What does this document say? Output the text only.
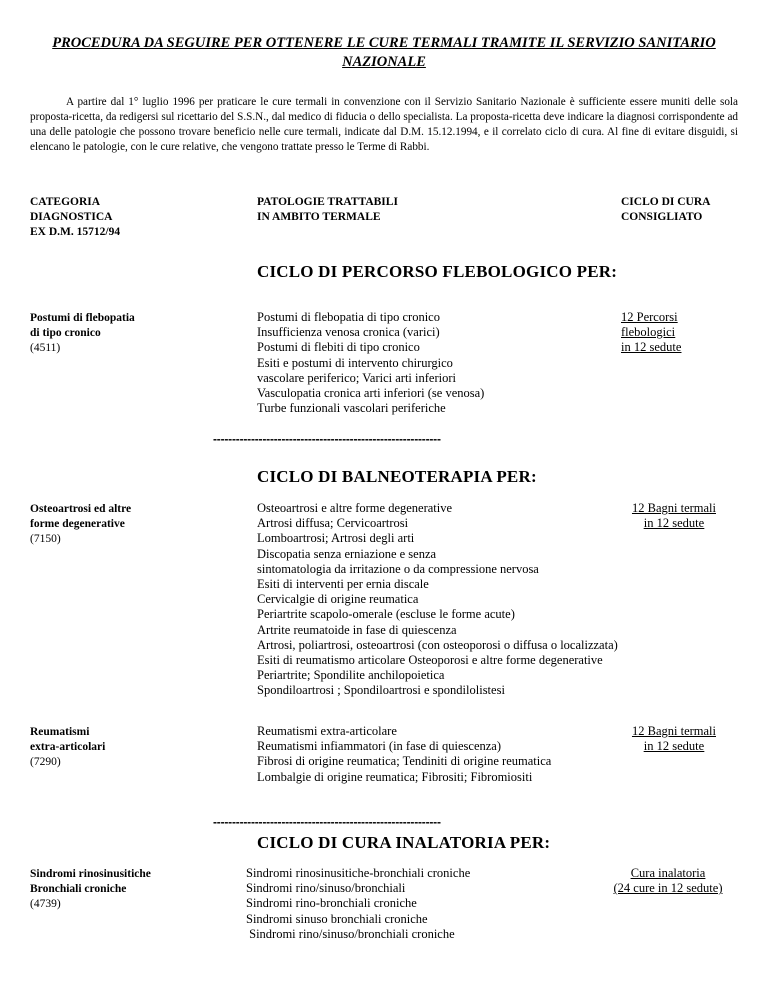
PROCEDURA DA SEGUIRE PER OTTENERE LE CURE TERMALI TRAMITE IL SERVIZIO SANITARIO NAZIONALE
A partire dal 1° luglio 1996 per praticare le cure termali in convenzione con il Servizio Sanitario Nazionale è sufficiente essere muniti delle sola proposta-ricetta, da redigersi sul ricettario del S.S.N., dal medico di fiducia o dello specialista. La proposta-ricetta deve indicare la diagnosi corrispondente ad una delle patologie che possono trovare beneficio nelle cure termali, indicate dal D.M. 15.12.1994, e il correlato ciclo di cura. Al fine di evitare disguidi, si elencano le patologie, con le cure relative, che vengono trattate presso le Terme di Rabbi.
CATEGORIA
DIAGNOSTICA
EX D.M. 15712/94
PATOLOGIE TRATTABILI
IN AMBITO TERMALE
CICLO DI CURA
CONSIGLIATO
CICLO DI PERCORSO FLEBOLOGICO PER:
Postumi di flebopatia
di tipo cronico
(4511)
Postumi di flebopatia di tipo cronico
Insufficienza venosa cronica (varici)
Postumi di flebiti di tipo cronico
Esiti e postumi di intervento chirurgico
vascolare periferico; Varici arti inferiori
Vasculopatia cronica arti inferiori (se venosa)
Turbe funzionali vascolari periferiche
12 Percorsi
flebologici
in 12 sedute
------------------------------------------------------------
CICLO DI BALNEOTERAPIA PER:
Osteoartrosi ed altre
forme degenerative
(7150)
Osteoartrosi e altre forme degenerative
Artrosi diffusa; Cervicoartrosi
Lomboartrosi; Artrosi degli arti
Discopatia senza erniazione e senza
sintomatologia da irritazione o da compressione nervosa
Esiti di interventi per ernia discale
Cervicalgie di origine reumatica
Periartrite scapolo-omerale (escluse le forme acute)
Artrite reumatoide in fase di quiescenza
Artrosi, poliartrosi, osteoartrosi (con osteoporosi o diffusa o localizzata)
Esiti di reumatismo articolare Osteoporosi e altre forme degenerative
Periartrite; Spondilite anchilopoietica
Spondiloartrosi ; Spondiloartrosi e spondilolistesi
12 Bagni termali
in 12 sedute
Reumatismi
extra-articolari
(7290)
Reumatismi extra-articolare
Reumatismi infiammatori (in fase di quiescenza)
Fibrosi di origine reumatica; Tendiniti di origine reumatica
Lombalgie di origine reumatica; Fibrositi; Fibromiositi
12 Bagni termali
in 12 sedute
------------------------------------------------------------
CICLO DI CURA INALATORIA PER:
Sindromi rinosinusitiche
Bronchiali croniche
(4739)
Sindromi rinosinusitiche-bronchiali croniche
Sindromi rino/sinuso/bronchiali
Sindromi rino-bronchiali croniche
Sindromi sinuso bronchiali croniche
Sindromi rino/sinuso/bronchiali croniche
Cura inalatoria
(24 cure in 12 sedute)
